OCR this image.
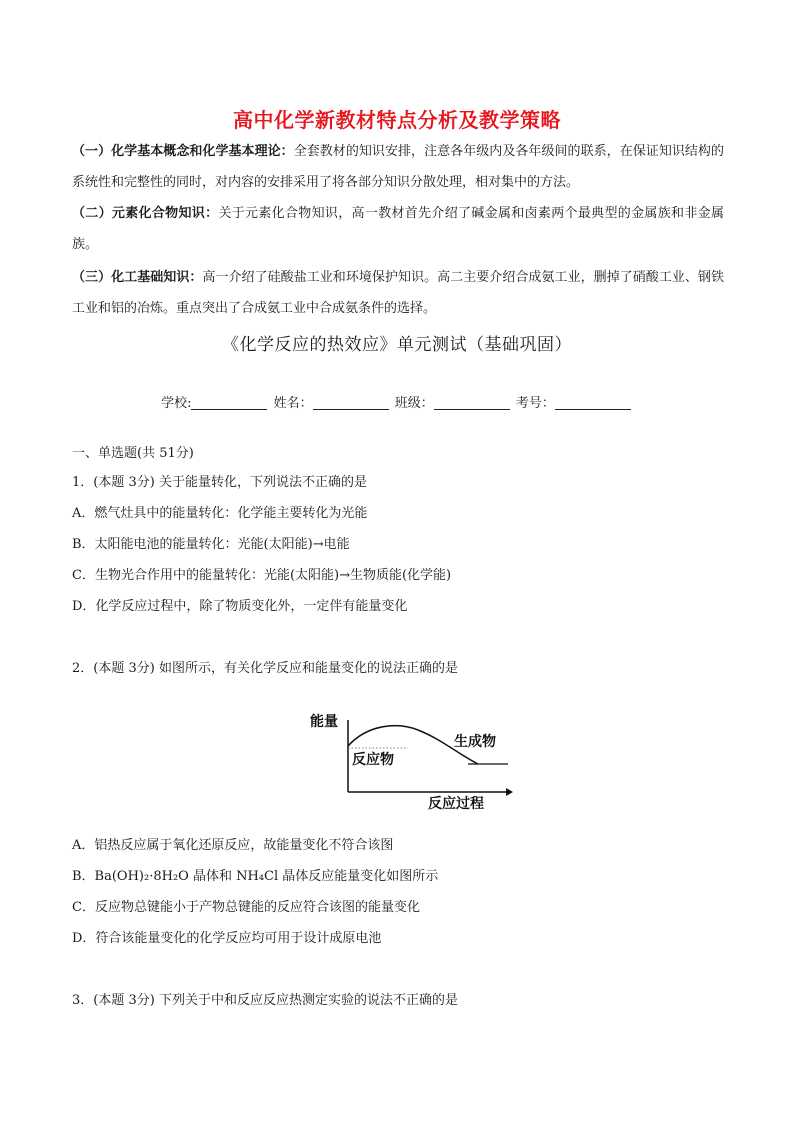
高中化学新教材特点分析及教学策略
（一）化学基本概念和化学基本理论：全套教材的知识安排，注意各年级内及各年级间的联系，在保证知识结构的系统性和完整性的同时，对内容的安排采用了将各部分知识分散处理，相对集中的方法。
（二）元素化合物知识：关于元素化合物知识，高一教材首先介绍了碱金属和卤素两个最典型的金属族和非金属族。
（三）化工基础知识：高一介绍了硅酸盐工业和环境保护知识。高二主要介绍合成氨工业，删掉了硝酸工业、钢铁工业和铝的冶炼。重点突出了合成氨工业中合成氨条件的选择。
《化学反应的热效应》单元测试（基础巩固）
学校:	姓名：	班级：	考号：
一、单选题(共 51分)
1．(本题 3分) 关于能量转化，下列说法不正确的是
A．燃气灶具中的能量转化：化学能主要转化为光能
B．太阳能电池的能量转化：光能(太阳能)→电能
C．生物光合作用中的能量转化：光能(太阳能)→生物质能(化学能)
D．化学反应过程中，除了物质变化外，一定伴有能量变化
2．(本题 3分) 如图所示，有关化学反应和能量变化的说法正确的是
能量
反应物
生成物
反应过程
A．铝热反应属于氧化还原反应，故能量变化不符合该图
B．Ba(OH)₂·8H₂O 晶体和 NH₄Cl 晶体反应能量变化如图所示
C．反应物总键能小于产物总键能的反应符合该图的能量变化
D．符合该能量变化的化学反应均可用于设计成原电池
3．(本题 3分) 下列关于中和反应反应热测定实验的说法不正确的是
